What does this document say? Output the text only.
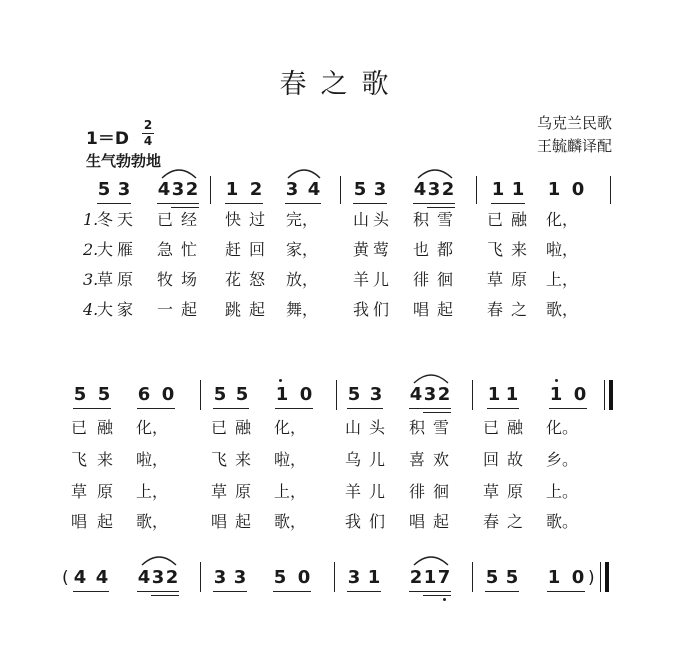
春之歌
乌克兰民歌
王毓麟译配
1＝D
2
4
生气勃勃地
5 3 4 3 2 1 2 3 4 5 3 4 3 2 1 1 1 0
1.
冬 天 已 经 快 过 完， 山 头 积 雪 已 融 化，
2.
大 雁 急 忙 赶 回 家， 黄 莺 也 都 飞 来 啦，
3.
草 原 牧 场 花 怒 放， 羊 儿 徘 徊 草 原 上，
4.
大 家 一 起 跳 起 舞， 我 们 唱 起 春 之 歌，
5 5 6 0 5 5 1 0 5 3 4 3 2 1 1 1 0
已 融 化，	已 融 化， 山 头 积 雪 已 融 化。
飞 来 啦，	飞 来 啦， 乌 儿 喜 欢 回 故 乡。
草 原 上，	草 原 上， 羊 儿 徘 徊 草 原 上。
唱 起 歌，	唱 起 歌， 我 们 唱 起 春 之 歌。
( 4 4 4 3 2 3 3 5 0 3 1 2 1 7 5 5 1 0 )
